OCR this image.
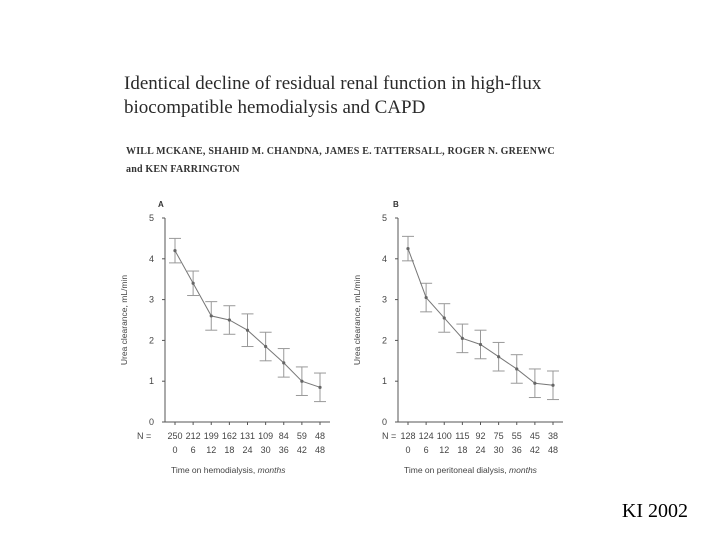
Identical decline of residual renal function in high-flux
biocompatible hemodialysis and CAPD
WILL MCKANE, SHAHID M. CHANDNA, JAMES E. TATTERSALL, ROGER N. GREENWC
and KEN FARRINGTON
A
0
1
2
3
4
5
Urea clearance, mL/min
N = 250 212 199 162 131 109 84 59 48
0 6 12 18 24 30 36 42 48
Time on hemodialysis, months
B
0
1
2
3
4
5
Urea clearance, mL/min
N = 128 124 100 115 92 75 55 45 38
0 6 12 18 24 30 36 42 48
Time on peritoneal dialysis, months
KI 2002
